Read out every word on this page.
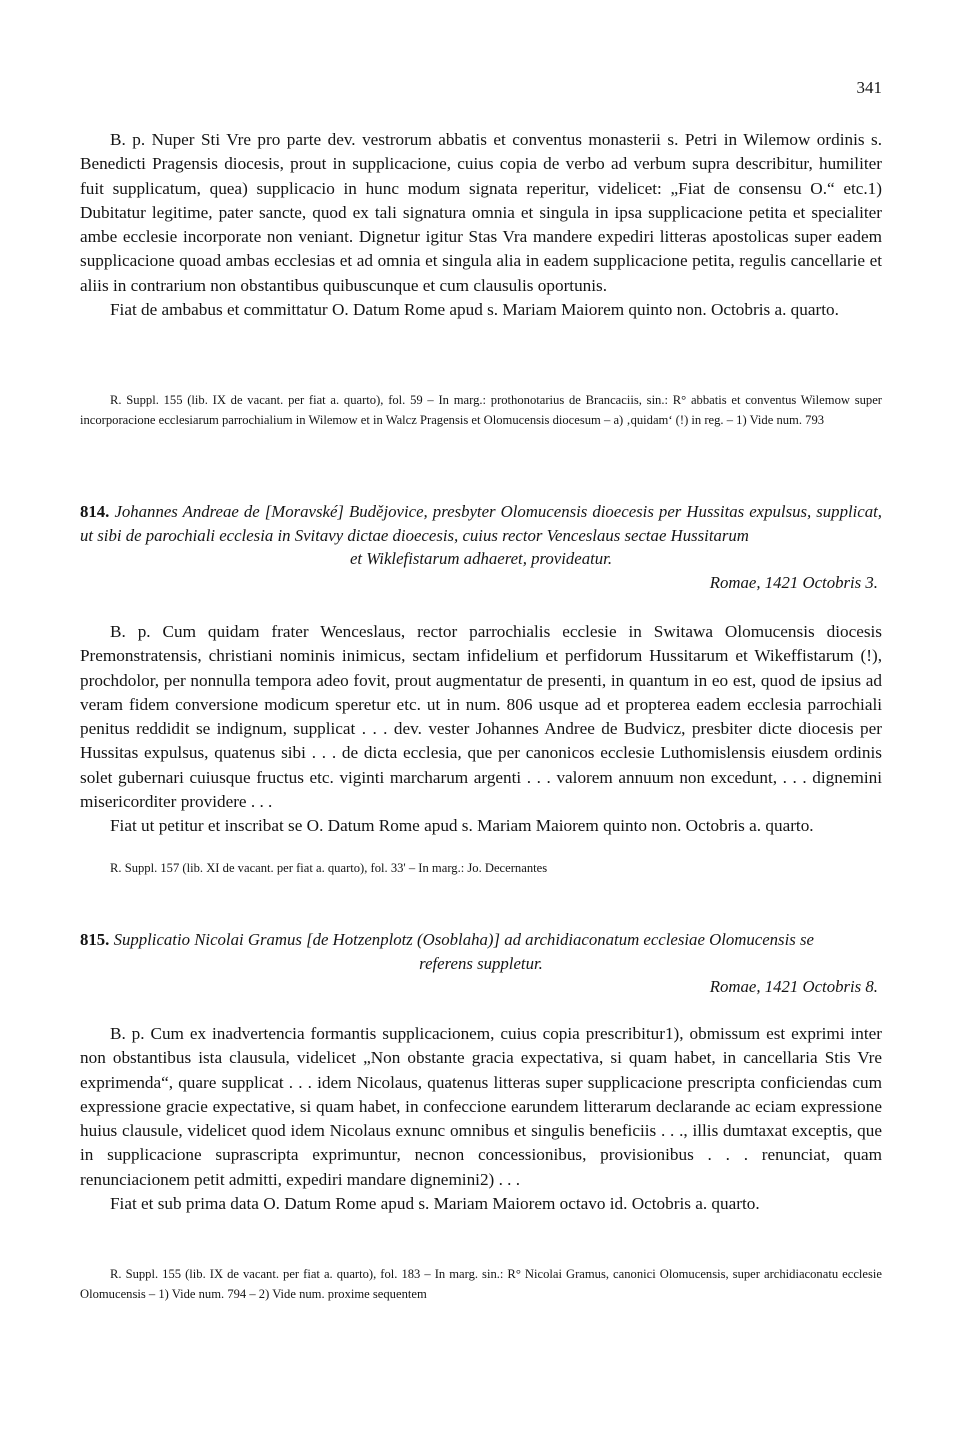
341

B. p. Nuper Sti Vre pro parte dev. vestrorum abbatis et conventus monasterii s. Petri in Wilemow ordinis s. Benedicti Pragensis diocesis, prout in supplicacione, cuius copia de verbo ad verbum supra describitur, humiliter fuit supplicatum, quea) supplicacio in hunc modum signata reperitur, videlicet: „Fiat de consensu O.“ etc.1) Dubitatur legitime, pater sancte, quod ex tali signatura omnia et singula in ipsa supplicacione petita et specialiter ambe ecclesie incorporate non veniant. Dignetur igitur Stas Vra mandere expediri litteras apostolicas super eadem supplicacione quoad ambas ecclesias et ad omnia et singula alia in eadem supplicacione petita, regulis cancellarie et aliis in contrarium non obstantibus quibuscunque et cum clausulis oportunis.

Fiat de ambabus et committatur O. Datum Rome apud s. Mariam Maiorem quinto non. Octobris a. quarto.

R. Suppl. 155 (lib. IX de vacant. per fiat a. quarto), fol. 59 – In marg.: prothonotarius de Brancaciis, sin.: R° abbatis et conventus Wilemow super incorporacione ecclesiarum parrochialium in Wilemow et in Walcz Pragensis et Olomucensis diocesum – a) ‚quidam‘ (!) in reg. – 1) Vide num. 793

814. Johannes Andreae de [Moravské] Budějovice, presbyter Olomucensis dioecesis per Hussitas expulsus, supplicat, ut sibi de parochiali ecclesia in Svitavy dictae dioecesis, cuius rector Venceslaus sectae Hussitarum

et Wiklefistarum adhaeret, provideatur.

Romae, 1421 Octobris 3.

B. p. Cum quidam frater Wenceslaus, rector parrochialis ecclesie in Switawa Olomucensis diocesis Premonstratensis, christiani nominis inimicus, sectam infidelium et perfidorum Hussitarum et Wikeffistarum (!), prochdolor, per nonnulla tempora adeo fovit, prout augmentatur de presenti, in quantum in eo est, quod de ipsius ad veram fidem conversione modicum speretur etc. ut in num. 806 usque ad et propterea eadem ecclesia parrochiali penitus reddidit se indignum, supplicat . . . dev. vester Johannes Andree de Budvicz, presbiter dicte diocesis per Hussitas expulsus, quatenus sibi . . . de dicta ecclesia, que per canonicos ecclesie Luthomislensis eiusdem ordinis solet gubernari cuiusque fructus etc. viginti marcharum argenti . . . valorem annuum non excedunt, . . . dignemini misericorditer providere . . .

Fiat ut petitur et inscribat se O. Datum Rome apud s. Mariam Maiorem quinto non. Octobris a. quarto.

R. Suppl. 157 (lib. XI de vacant. per fiat a. quarto), fol. 33' – In marg.: Jo. Decernantes

815. Supplicatio Nicolai Gramus [de Hotzenplotz (Osoblaha)] ad archidiaconatum ecclesiae Olomucensis se

referens suppletur.

Romae, 1421 Octobris 8.

B. p. Cum ex inadvertencia formantis supplicacionem, cuius copia prescribitur1), obmissum est exprimi inter non obstantibus ista clausula, videlicet „Non obstante gracia expectativa, si quam habet, in cancellaria Stis Vre exprimenda“, quare supplicat . . . idem Nicolaus, quatenus litteras super supplicacione prescripta conficiendas cum expressione gracie expectative, si quam habet, in confeccione earundem litterarum declarande ac eciam expressione huius clausule, videlicet quod idem Nicolaus exnunc omnibus et singulis beneficiis . . ., illis dumtaxat exceptis, que in supplicacione suprascripta exprimuntur, necnon concessionibus, provisionibus . . . renunciat, quam renunciacionem petit admitti, expediri mandare dignemini2) . . .

Fiat et sub prima data O. Datum Rome apud s. Mariam Maiorem octavo id. Octobris a. quarto.

R. Suppl. 155 (lib. IX de vacant. per fiat a. quarto), fol. 183 – In marg. sin.: R° Nicolai Gramus, canonici Olomucensis, super archidiaconatu ecclesie Olomucensis – 1) Vide num. 794 – 2) Vide num. proxime sequentem
